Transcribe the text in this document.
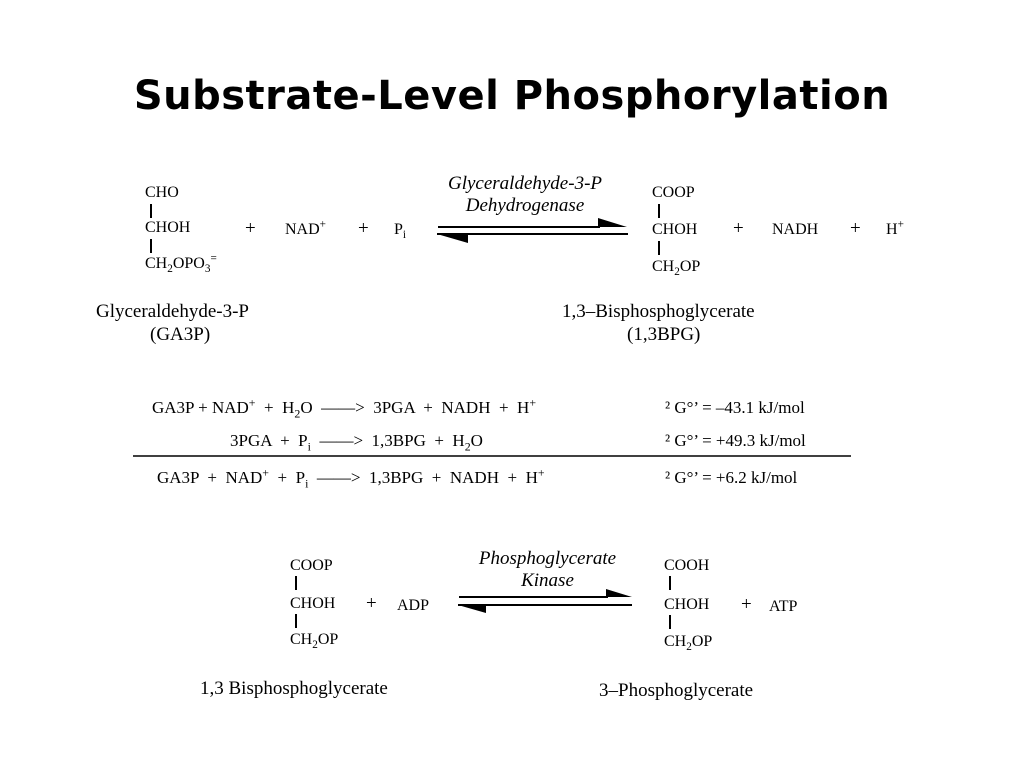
Substrate-Level Phosphorylation
CHO
CHOH
$CH_2OPO_3^=$
+ $NAD^+ + P_i$
Glyceraldehyde-3-P
Dehydrogenase
COOP
CHOH
$CH_2OP$
+ NADH + H+
Glyceraldehyde-3-P
(GA3P)
1,3–Bisphosphoglycerate
(1,3BPG)
$GA3P + NAD^+ + H_2O$  ——>  3PGA  +  NADH  +  H+	² G°’ = –43.1 kJ/mol
$3PGA + P_i$  ——>  $1,3BPG + H_2O$	² G°’ = +49.3 kJ/mol
$GA3P + NAD^+ + P_i$  ——>  1,3BPG  +  NADH  +  H+	² G°’ = +6.2 kJ/mol
Phosphoglycerate
Kinase
COOP
CHOH
$CH_2OP$
+ ADP
COOH
CHOH
$CH_2OP$
+ ATP
1,3 Bisphosphoglycerate	3–Phosphoglycerate
